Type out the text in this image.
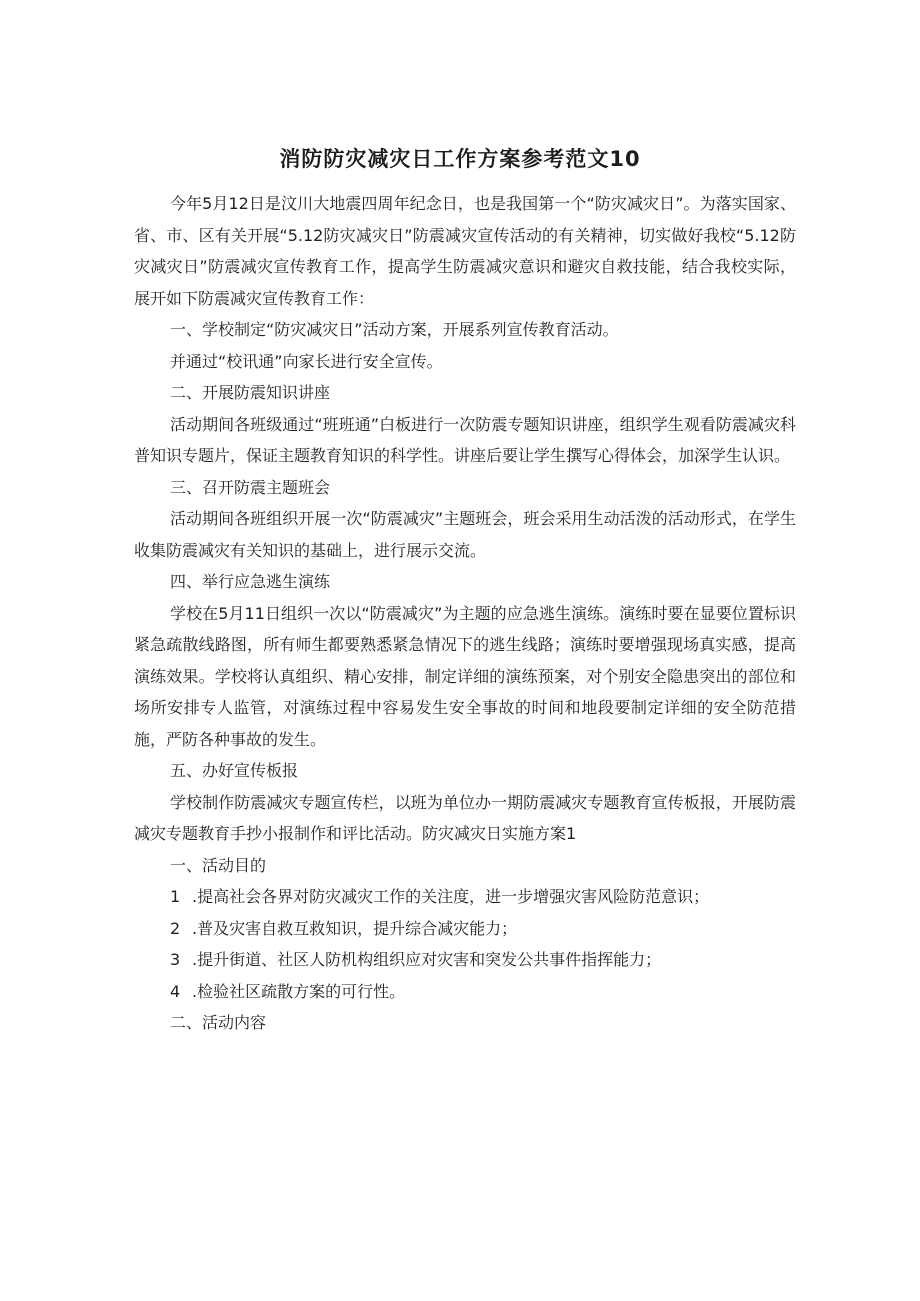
消防防灾减灾日工作方案参考范文10

今年5月12日是汶川大地震四周年纪念日，也是我国第一个“防灾减灾日”。为落实国家、省、市、区有关开展“5.12防灾减灾日”防震减灾宣传活动的有关精神，切实做好我校“5.12防灾减灾日”防震减灾宣传教育工作，提高学生防震减灾意识和避灾自救技能，结合我校实际，展开如下防震减灾宣传教育工作：

一、学校制定“防灾减灾日”活动方案，开展系列宣传教育活动。

并通过“校讯通”向家长进行安全宣传。

二、开展防震知识讲座

活动期间各班级通过“班班通”白板进行一次防震专题知识讲座，组织学生观看防震减灾科普知识专题片，保证主题教育知识的科学性。讲座后要让学生撰写心得体会，加深学生认识。

三、召开防震主题班会

活动期间各班组织开展一次“防震减灾”主题班会，班会采用生动活泼的活动形式，在学生收集防震减灾有关知识的基础上，进行展示交流。

四、举行应急逃生演练

学校在5月11日组织一次以“防震减灾”为主题的应急逃生演练。演练时要在显要位置标识紧急疏散线路图，所有师生都要熟悉紧急情况下的逃生线路；演练时要增强现场真实感，提高演练效果。学校将认真组织、精心安排，制定详细的演练预案，对个别安全隐患突出的部位和场所安排专人监管，对演练过程中容易发生安全事故的时间和地段要制定详细的安全防范措施，严防各种事故的发生。

五、办好宣传板报

学校制作防震减灾专题宣传栏，以班为单位办一期防震减灾专题教育宣传板报，开展防震减灾专题教育手抄小报制作和评比活动。防灾减灾日实施方案1

一、活动目的

1 .提高社会各界对防灾减灾工作的关注度，进一步增强灾害风险防范意识；

2 .普及灾害自救互救知识，提升综合减灾能力；

3 .提升街道、社区人防机构组织应对灾害和突发公共事件指挥能力；

4 .检验社区疏散方案的可行性。

二、活动内容
